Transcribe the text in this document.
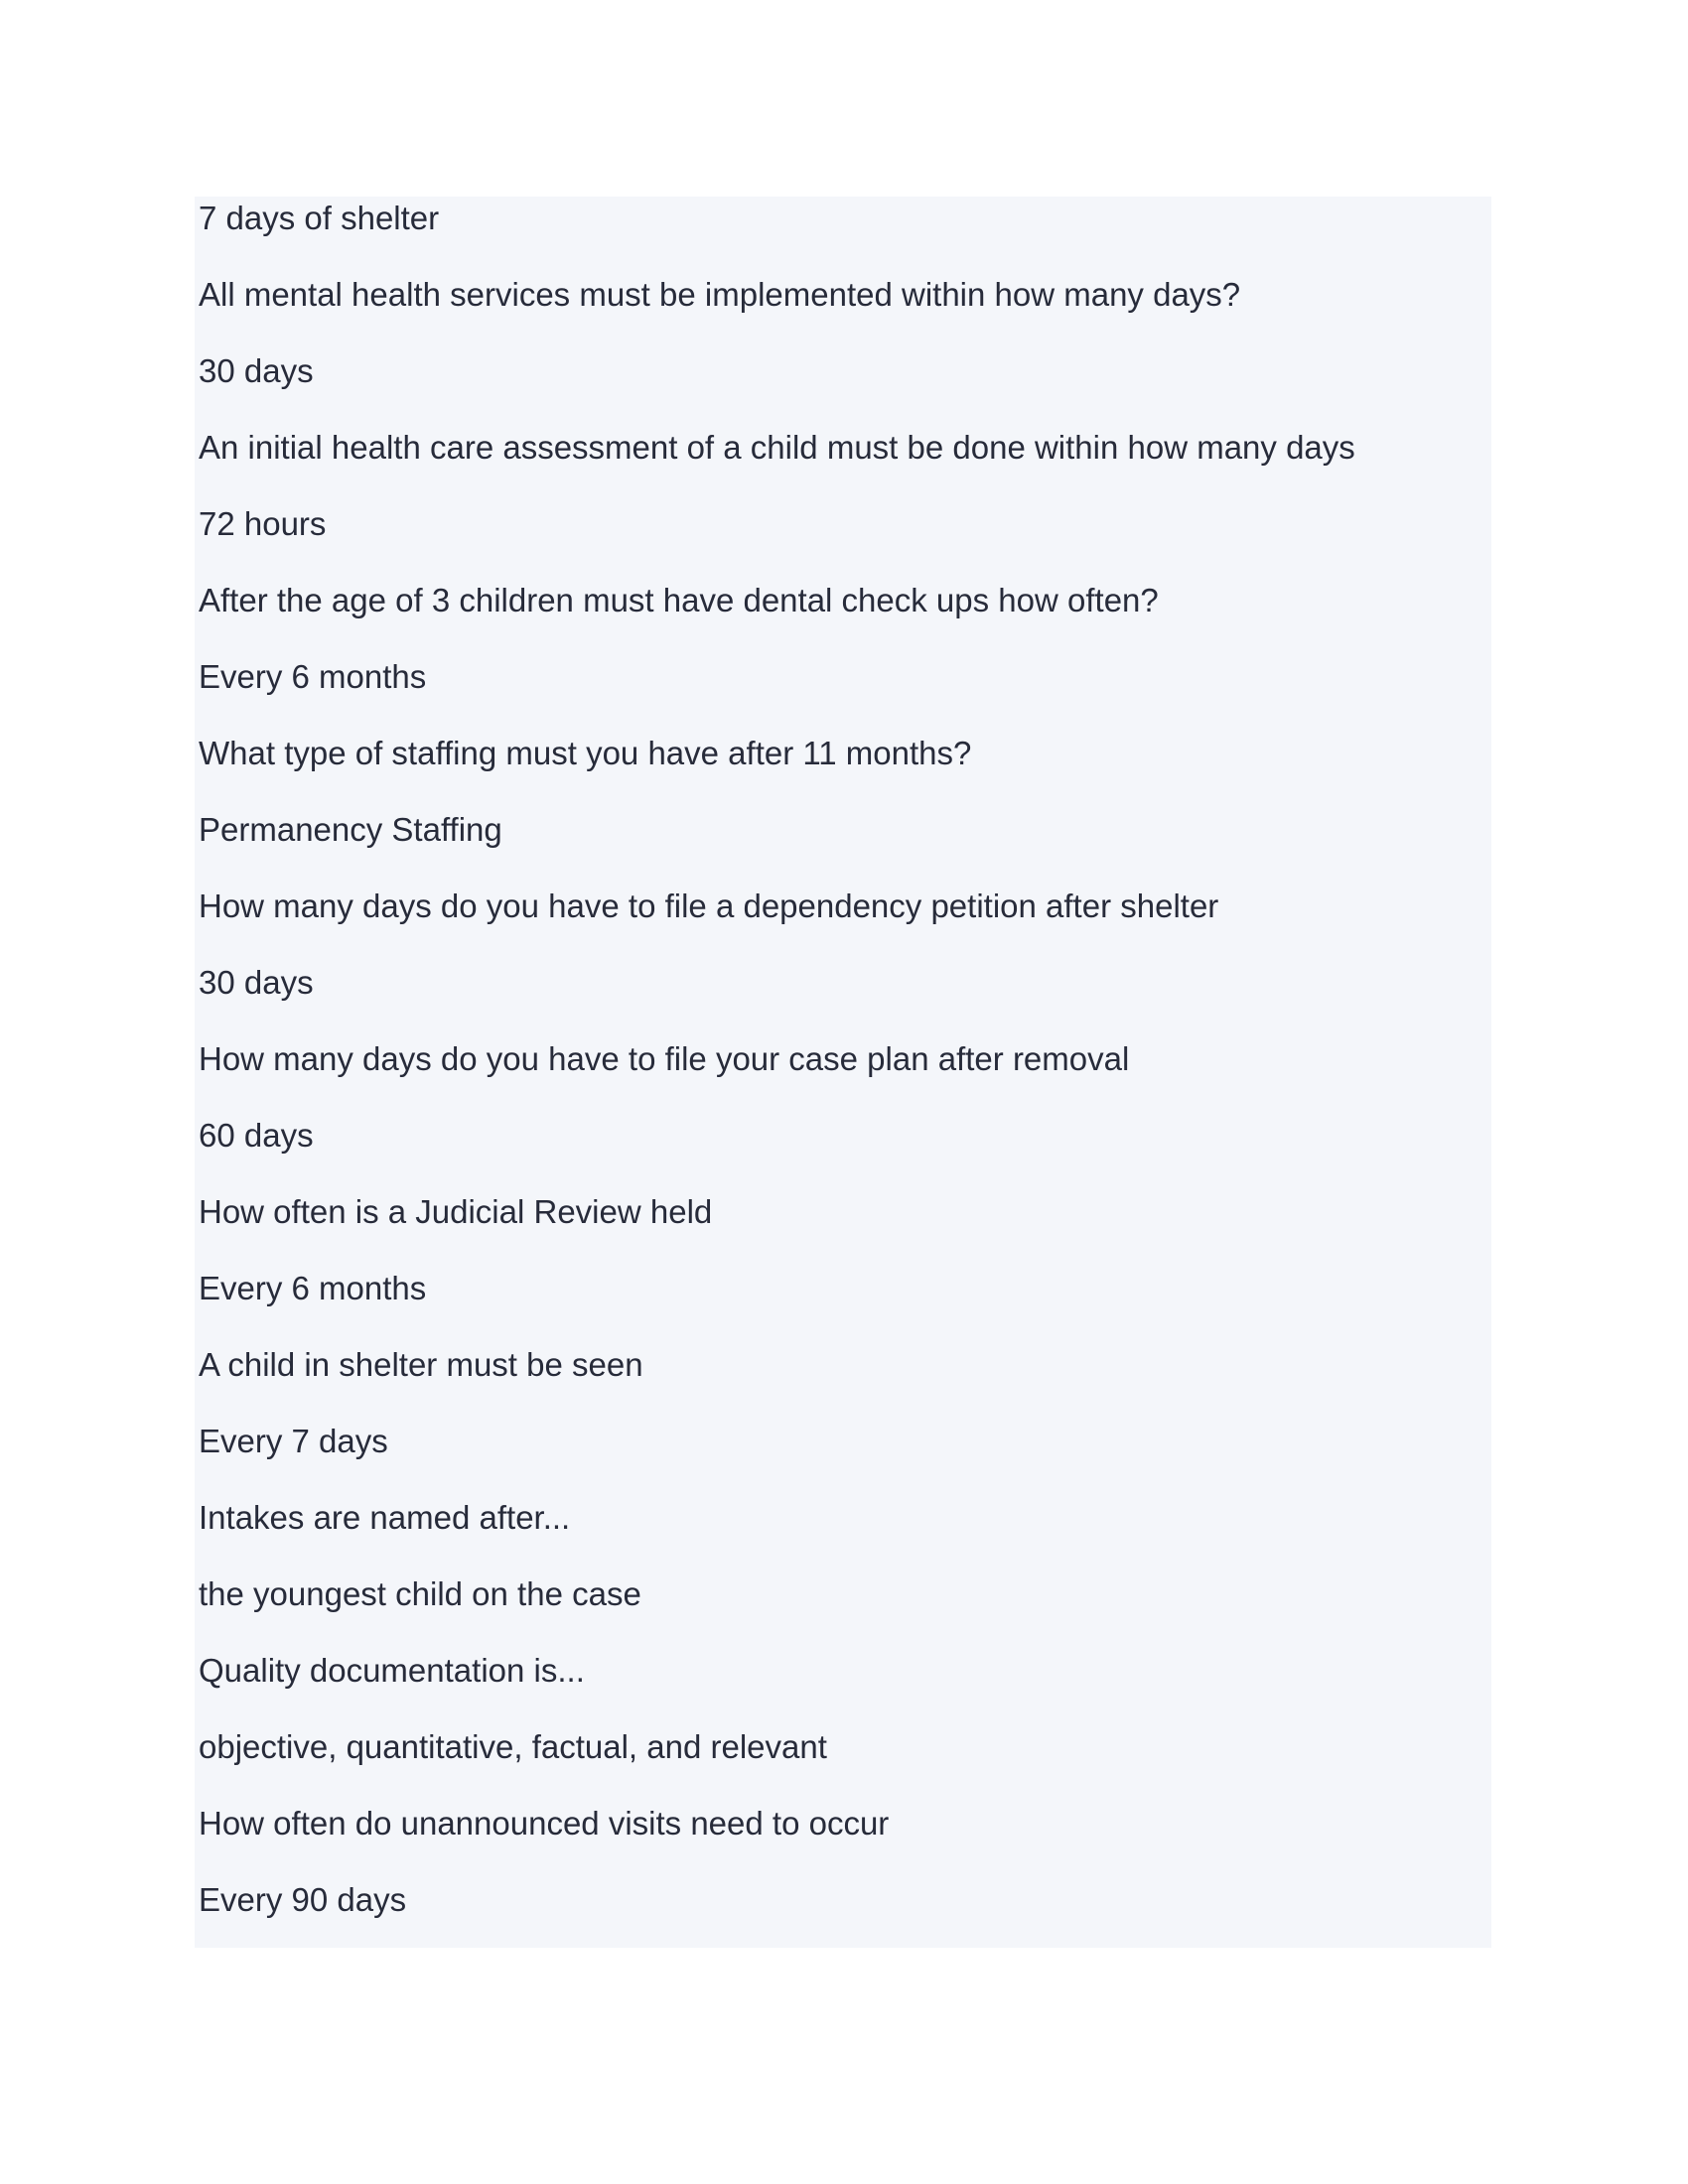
7 days of shelter
All mental health services must be implemented within how many days?
30 days
An initial health care assessment of a child must be done within how many days
72 hours
After the age of 3 children must have dental check ups how often?
Every 6 months
What type of staffing must you have after 11 months?
Permanency Staffing
How many days do you have to file a dependency petition after shelter
30 days
How many days do you have to file your case plan after removal
60 days
How often is a Judicial Review held
Every 6 months
A child in shelter must be seen
Every 7 days
Intakes are named after...
the youngest child on the case
Quality documentation is...
objective, quantitative, factual, and relevant
How often do unannounced visits need to occur
Every 90 days
